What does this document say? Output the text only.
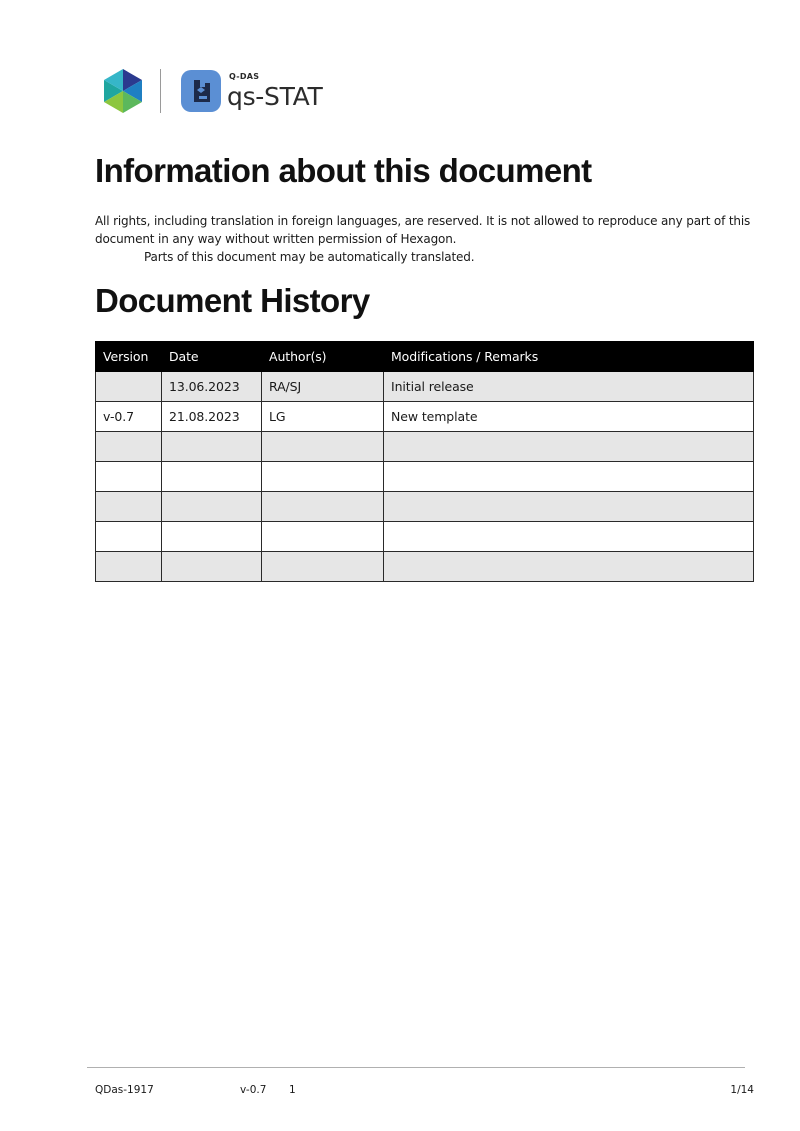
Q-DAS
qs-STAT
Information about this document

All rights, including translation in foreign languages, are reserved. It is not allowed to reproduce any part of this document in any way without written permission of Hexagon.

Parts of this document may be automatically translated.

Document History
Version	Date	Author(s)	Modifications / Remarks
	13.06.2023	RA/SJ	Initial release
v-0.7	21.08.2023	LG	New template

QDas-1917	v-0.7 1	1/14
